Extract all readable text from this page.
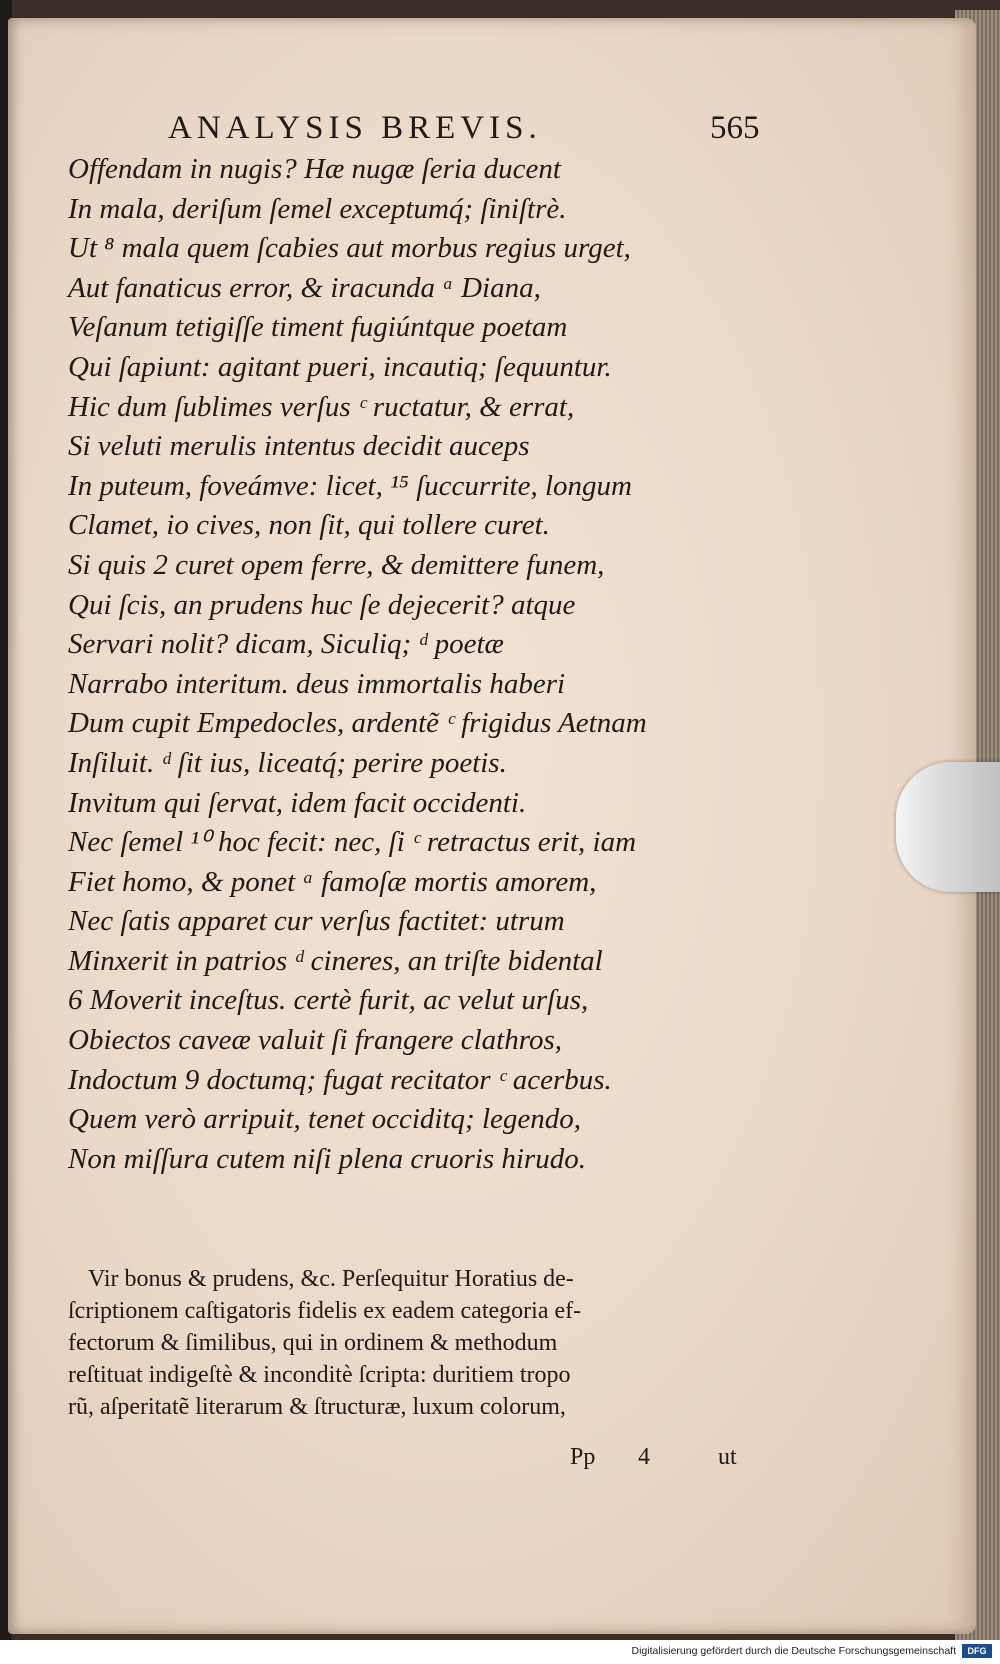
ANALYSIS BREVIS.	565
Offendam in nugis? Hæ nugæ ſeria ducent
In mala, deriſum ſemel exceptumq́; ſiniſtrè.
Ut ⁸ mala quem ſcabies aut morbus regius urget,
Aut fanaticus error, & iracunda ᵃ Diana,
Veſanum tetigiſſe timent fugiúntque poetam
Qui ſapiunt: agitant pueri, incautiq; ſequuntur.
Hic dum ſublimes verſus ᶜ ructatur, & errat,
Si veluti merulis intentus decidit auceps
In puteum, foveámve: licet, ¹⁵ ſuccurrite, longum
Clamet, io cives, non ſit, qui tollere curet.
Si quis 2 curet opem ferre, & demittere funem,
Qui ſcis, an prudens huc ſe dejecerit? atque
Servari nolit? dicam, Siculiq; ᵈ poetæ
Narrabo interitum. deus immortalis haberi
Dum cupit Empedocles, ardentẽ ᶜ frigidus Aetnam
Inſiluit. ᵈ ſit ius, liceatq́; perire poetis.
Invitum qui ſervat, idem facit occidenti.
Nec ſemel ¹⁰ hoc fecit: nec, ſi ᶜ retractus erit, iam
Fiet homo, & ponet ᵃ famoſæ mortis amorem,
Nec ſatis apparet cur verſus factitet: utrum
Minxerit in patrios ᵈ cineres, an triſte bidental
6 Moverit inceſtus. certè furit, ac velut urſus,
Obiectos caveæ valuit ſi frangere clathros,
Indoctum 9 doctumq; fugat recitator ᶜ acerbus.
Quem verò arripuit, tenet occiditq; legendo,
Non miſſura cutem niſi plena cruoris hirudo.
Vir bonus & prudens, &c. Perſequitur Horatius de-
ſcriptionem caſtigatoris fidelis ex eadem categoria ef-
fectorum & ſimilibus, qui in ordinem & methodum
reſtituat indigeſtè & inconditè ſcripta: duritiem tropo
rũ, aſperitatẽ literarum & ſtructuræ, luxum colorum,
Pp 4	ut
Digitalisierung gefördert durch die Deutsche Forschungsgemeinschaft	DFG
